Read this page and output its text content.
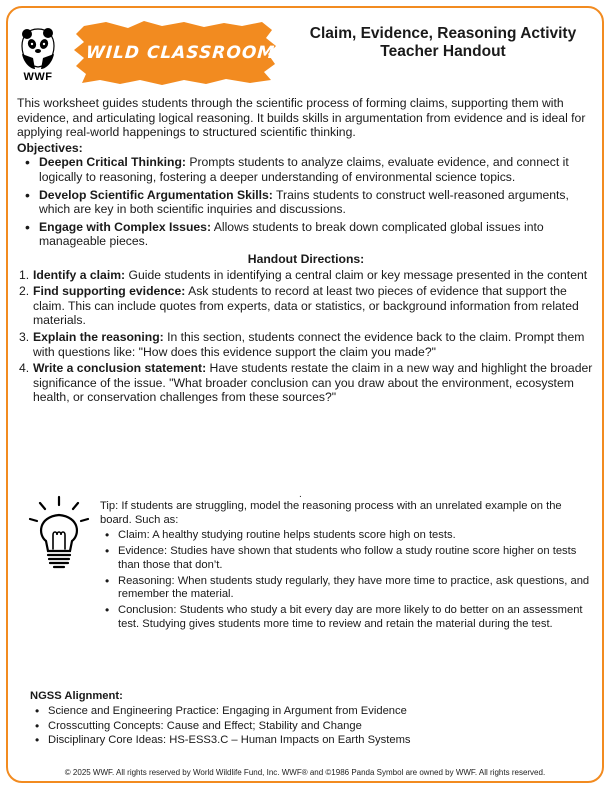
WWF
WILD CLASSROOM
Claim, Evidence, Reasoning Activity
Teacher Handout

This worksheet guides students through the scientific process of forming claims, supporting them with evidence, and articulating logical reasoning. It builds skills in argumentation from evidence and is ideal for applying real-world happenings to structured scientific thinking.

Objectives:
• Deepen Critical Thinking: Prompts students to analyze claims, evaluate evidence, and connect it logically to reasoning, fostering a deeper understanding of environmental science topics.
• Develop Scientific Argumentation Skills: Trains students to construct well-reasoned arguments, which are key in both scientific inquiries and discussions.
• Engage with Complex Issues: Allows students to break down complicated global issues into manageable pieces.
Handout Directions:
1. Identify a claim: Guide students in identifying a central claim or key message presented in the content
2. Find supporting evidence: Ask students to record at least two pieces of evidence that support the claim. This can include quotes from experts, data or statistics, or background information from related materials.
3. Explain the reasoning: In this section, students connect the evidence back to the claim. Prompt them with questions like: "How does this evidence support the claim you made?"
4. Write a conclusion statement: Have students restate the claim in a new way and highlight the broader significance of the issue. "What broader conclusion can you draw about the environment, ecosystem health, or conservation challenges from these sources?"
.

Tip: If students are struggling, model the reasoning process with an unrelated example on the board. Such as:

• Claim: A healthy studying routine helps students score high on tests.
• Evidence: Studies have shown that students who follow a study routine score higher on tests than those that don’t.
• Reasoning: When students study regularly, they have more time to practice, ask questions, and remember the material.
• Conclusion: Students who study a bit every day are more likely to do better on an assessment test. Studying gives students more time to review and retain the material during the test.
NGSS Alignment:
• Science and Engineering Practice: Engaging in Argument from Evidence
• Crosscutting Concepts: Cause and Effect; Stability and Change
• Disciplinary Core Ideas: HS-ESS3.C – Human Impacts on Earth Systems
© 2025 WWF. All rights reserved by World Wildlife Fund, Inc. WWF® and ©1986 Panda Symbol are owned by WWF. All rights reserved.
